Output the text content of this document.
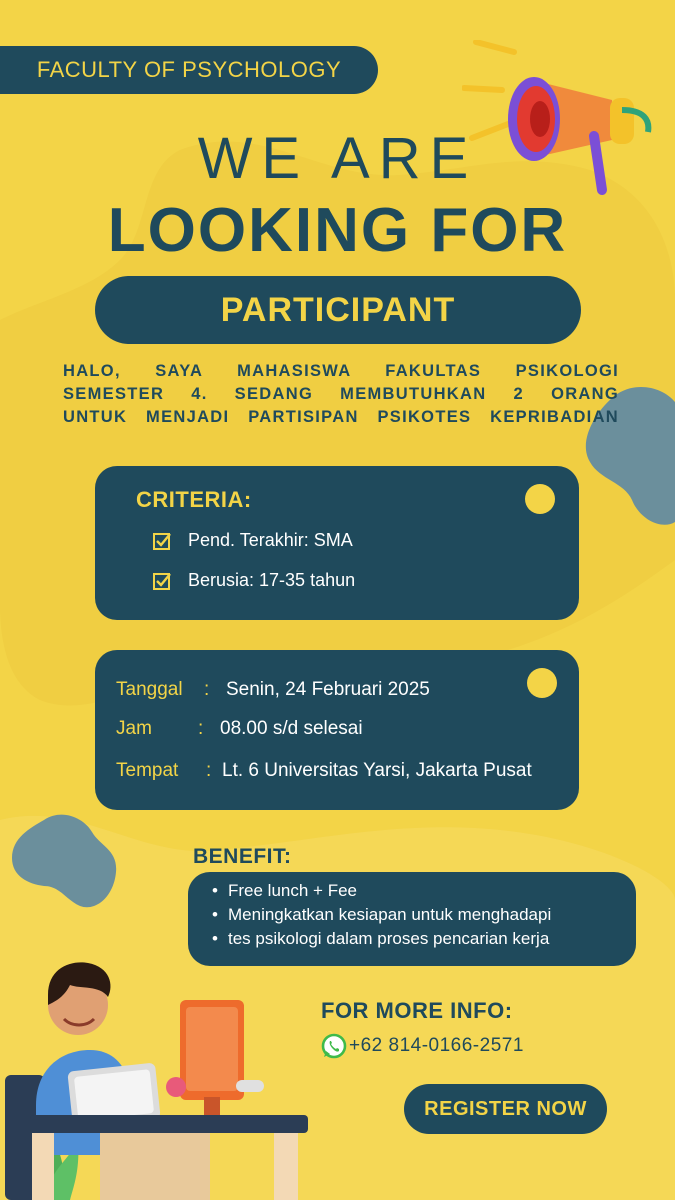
FACULTY OF PSYCHOLOGY
WE ARE
LOOKING FOR
PARTICIPANT
HALO, SAYA MAHASISWA FAKULTAS PSIKOLOGI
SEMESTER 4. SEDANG MEMBUTUHKAN 2 ORANG
UNTUK MENJADI PARTISIPAN PSIKOTES KEPRIBADIAN
CRITERIA:
Pend. Terakhir: SMA
Berusia: 17-35 tahun
Tanggal	: Senin, 24 Februari 2025
Jam	: 08.00 s/d selesai
Tempat	: Lt. 6 Universitas Yarsi, Jakarta Pusat
BENEFIT:
• Free lunch + Fee
• Meningkatkan kesiapan untuk menghadapi
• tes psikologi dalam proses pencarian kerja
FOR MORE INFO:
+62 814-0166-2571
REGISTER NOW
